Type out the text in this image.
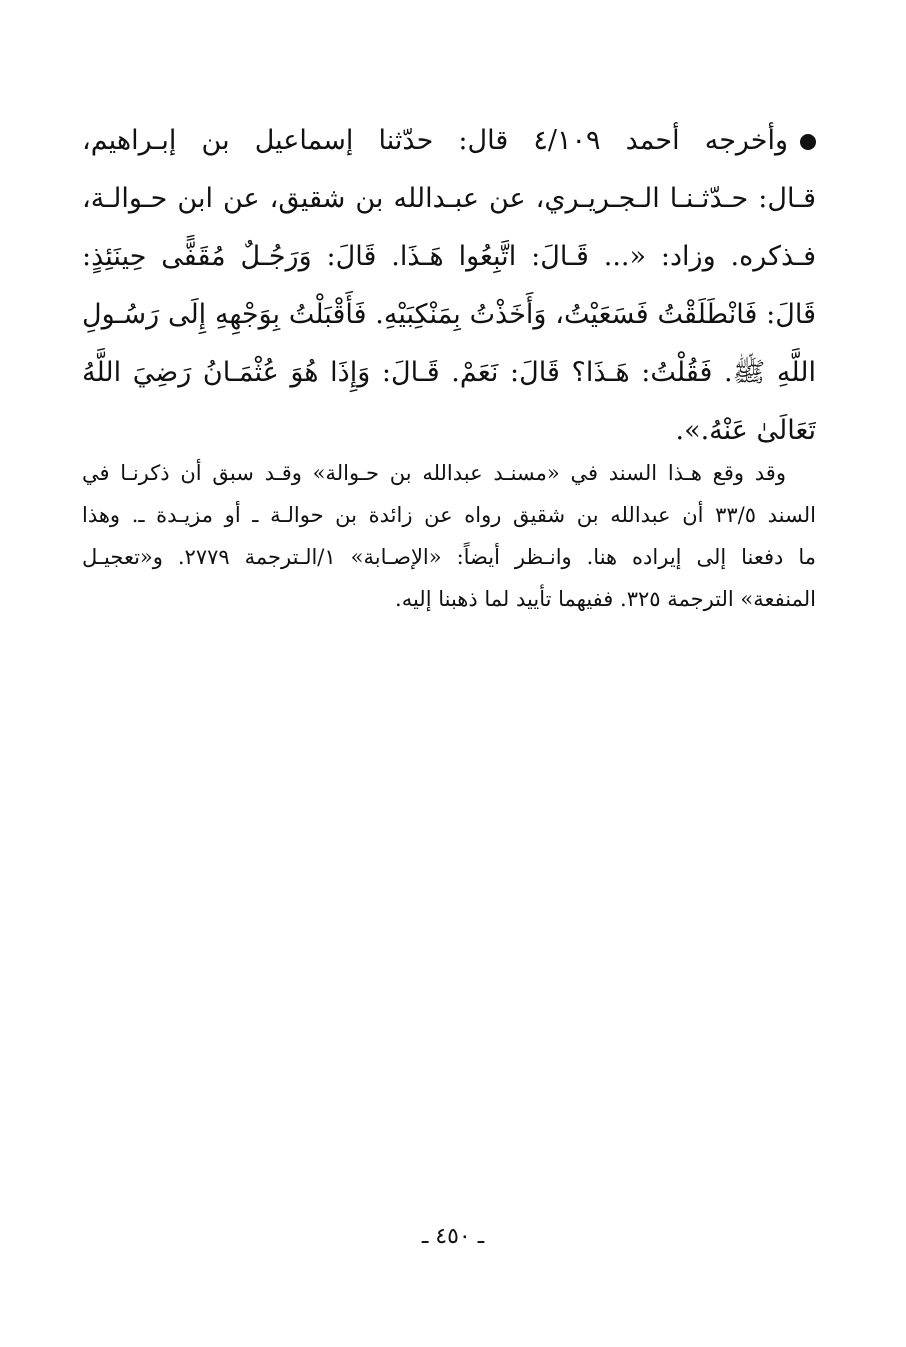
وأخرجه أحمد ٤/١٠٩ قال: حدّثنا إسماعيل بن إبـراهيم،
قـال: حـدّثـنـا الـجـريـري، عن عبـدالله بن شقيق، عن ابن حـوالـة،
فـذكره. وزاد: «... قَـالَ: اتَّبِعُوا هَـذَا. قَالَ: وَرَجُـلٌ مُقَفًّى حِينَئِذٍ:
قَالَ: فَانْطَلَقْتُ فَسَعَيْتُ، وَأَخَذْتُ بِمَنْكِبَيْهِ. فَأَقْبَلْتُ بِوَجْهِهِ إِلَى رَسُـولِ
اللَّهِ ﷺ. فَقُلْتُ: هَـذَا؟ قَالَ: نَعَمْ. قَـالَ: وَإِذَا هُوَ عُثْمَـانُ رَضِيَ اللَّهُ
تَعَالَىٰ عَنْهُ.».
وقد وقع هـذا السند في «مسنـد عبدالله بن حـوالة» وقـد سبق أن ذكرنـا في
السند ٣٣/٥ أن عبدالله بن شقيق رواه عن زائدة بن حوالـة ـ أو مزيـدة ـ. وهذا
ما دفعنا إلى إيراده هنا. وانـظر أيضاً: «الإصـابة» ١/الـترجمة ٢٧٧٩. و«تعجيـل
المنفعة» الترجمة ٣٢٥. ففيهما تأييد لما ذهبنا إليه.
ـ ٤٥٠ ـ
